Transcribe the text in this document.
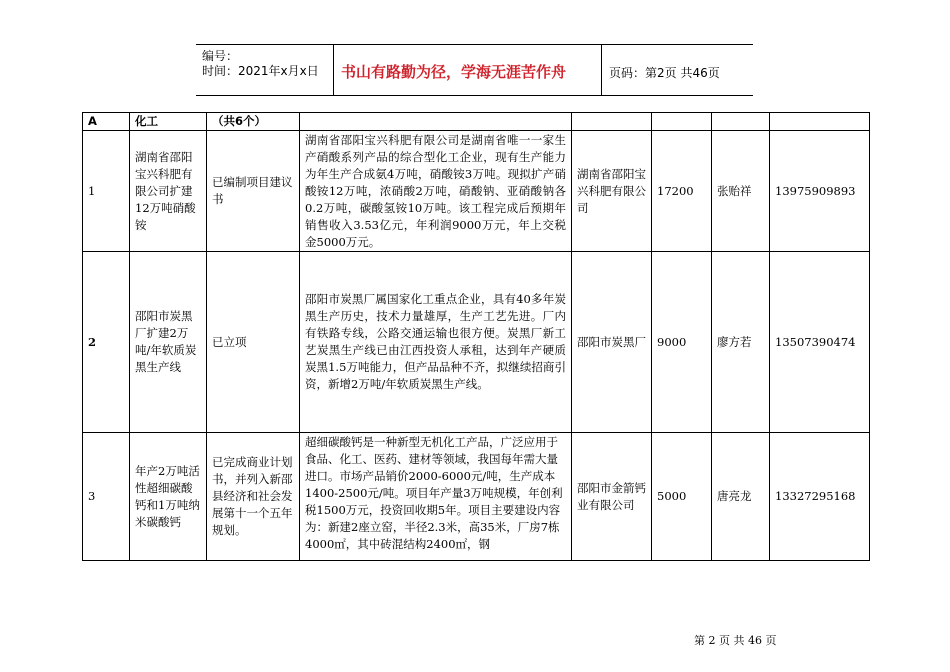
编号：
时间：2021年x月x日 书山有路勤为径，学海无涯苦作舟	页码：第2页 共46页
A	化工	（共6个）					
1	湖南省邵阳宝兴科肥有限公司扩建12万吨硝酸铵	已编制项目建议书	湖南省邵阳宝兴科肥有限公司是湖南省唯一一家生产硝酸系列产品的综合型化工企业，现有生产能力为年生产合成氨4万吨，硝酸铵3万吨。现拟扩产硝酸铵12万吨，浓硝酸2万吨，硝酸钠、亚硝酸钠各0.2万吨，碳酸氢铵10万吨。该工程完成后预期年销售收入3.53亿元，年利润9000万元，年上交税金5000万元。	湖南省邵阳宝兴科肥有限公司	17200	张贻祥	13975909893
2	邵阳市炭黑厂扩建2万吨/年软质炭黑生产线	已立项	邵阳市炭黑厂属国家化工重点企业，具有40多年炭黑生产历史，技术力量雄厚，生产工艺先进。厂内有铁路专线，公路交通运输也很方便。炭黑厂新工艺炭黑生产线已由江西投资人承租，达到年产硬质炭黑1.5万吨能力，但产品品种不齐，拟继续招商引资，新增2万吨/年软质炭黑生产线。	邵阳市炭黑厂	9000	廖方若	13507390474
3	年产2万吨活性超细碳酸钙和1万吨纳米碳酸钙	已完成商业计划书，并列入新邵县经济和社会发展第十一个五年规划。	超细碳酸钙是一种新型无机化工产品，广泛应用于食品、化工、医药、建材等领域，我国每年需大量进口。市场产品销价2000-6000元/吨，生产成本1400-2500元/吨。项目年产量3万吨规模，年创利税1500万元，投资回收期5年。项目主要建设内容为：新建2座立窑，半径2.3米，高35米，厂房7栋4000㎡，其中砖混结构2400㎡，钢	邵阳市金箭钙业有限公司	5000	唐亮龙	13327295168
第 2 页 共 46 页
